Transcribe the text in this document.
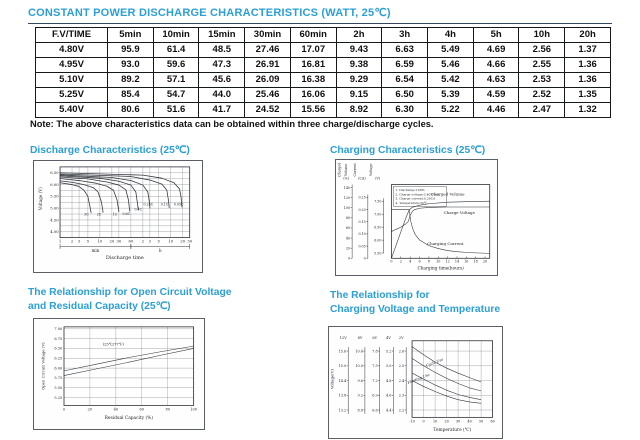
CONSTANT POWER DISCHARGE CHARACTERISTICS (WATT, 25℃)
F.V/TIME	5min	10min	15min	30min	60min	2h	3h	4h	5h	10h	20h
4.80V	95.9	61.4	48.5	27.46	17.07	9.43	6.63	5.49	4.69	2.56	1.37
4.95V	93.0	59.6	47.3	26.91	16.81	9.38	6.59	5.46	4.66	2.55	1.36
5.10V	89.2	57.1	45.6	26.09	16.38	9.29	6.54	5.42	4.63	2.53	1.36
5.25V	85.4	54.7	44.0	25.46	16.06	9.15	6.50	5.39	4.59	2.52	1.35
5.40V	80.6	51.6	41.7	24.52	15.56	8.92	6.30	5.22	4.46	2.47	1.32
Note: The above characteristics data can be obtained within three charge/discharge cycles.
Discharge Characteristics (25℃)	Charging Characteristics (25℃)
The Relationship for Open Circuit Voltage
and Residual Capacity (25℃)
The Relationship for
Charging Voltage and Temperature
1	2 3 5 10 20 30 60 2 3 5 10 20 30
6.50
6.00
5.50
5.00
4.50
4.00
3C 2C	1C 0.6C
0.4C
0.25C 0.1C 0.05C
Voltage (V)
min	h
Discharge time	0
20
40
60
80
100
120
140
(%)
Charged Volume
0
0.05
0.10
0.15
0.20
0.25
(CA)
Current
5.50
6.00
6.50
7.00
7.50
(V)
Voltage
0 2 4 6 8 10 12 14 16 18 20
Charging time(hours)
1. Discharge:100%
2. Charge voltage:2.40V/cell
3. Charge current:0.20CA
4. Temperature:25℃
Charged Volume
Charge Voltage
Charging Current
0	20	40	60	80	100
7.00
6.75
6.50
6.25
6.00
5.75
5.50
5.25
(25℃/77℉)
Open Circuit Voltage (V)
Residual Capacity (%)
12V	8V	6V 4V 2V
15.6	10.4	7.8 5.2 2.6
15.0	10.0	7.5 5.0 2.5
14.4	9.6	7.2 4.8 2.4
13.8	9.2	6.9 4.6 2.3
13.2	8.8	6.6 4.4 2.2
Voltage(V)
-10 0 10 20 30 40 50 60
Cycle Use
Floating Use
Temperature (℃)
